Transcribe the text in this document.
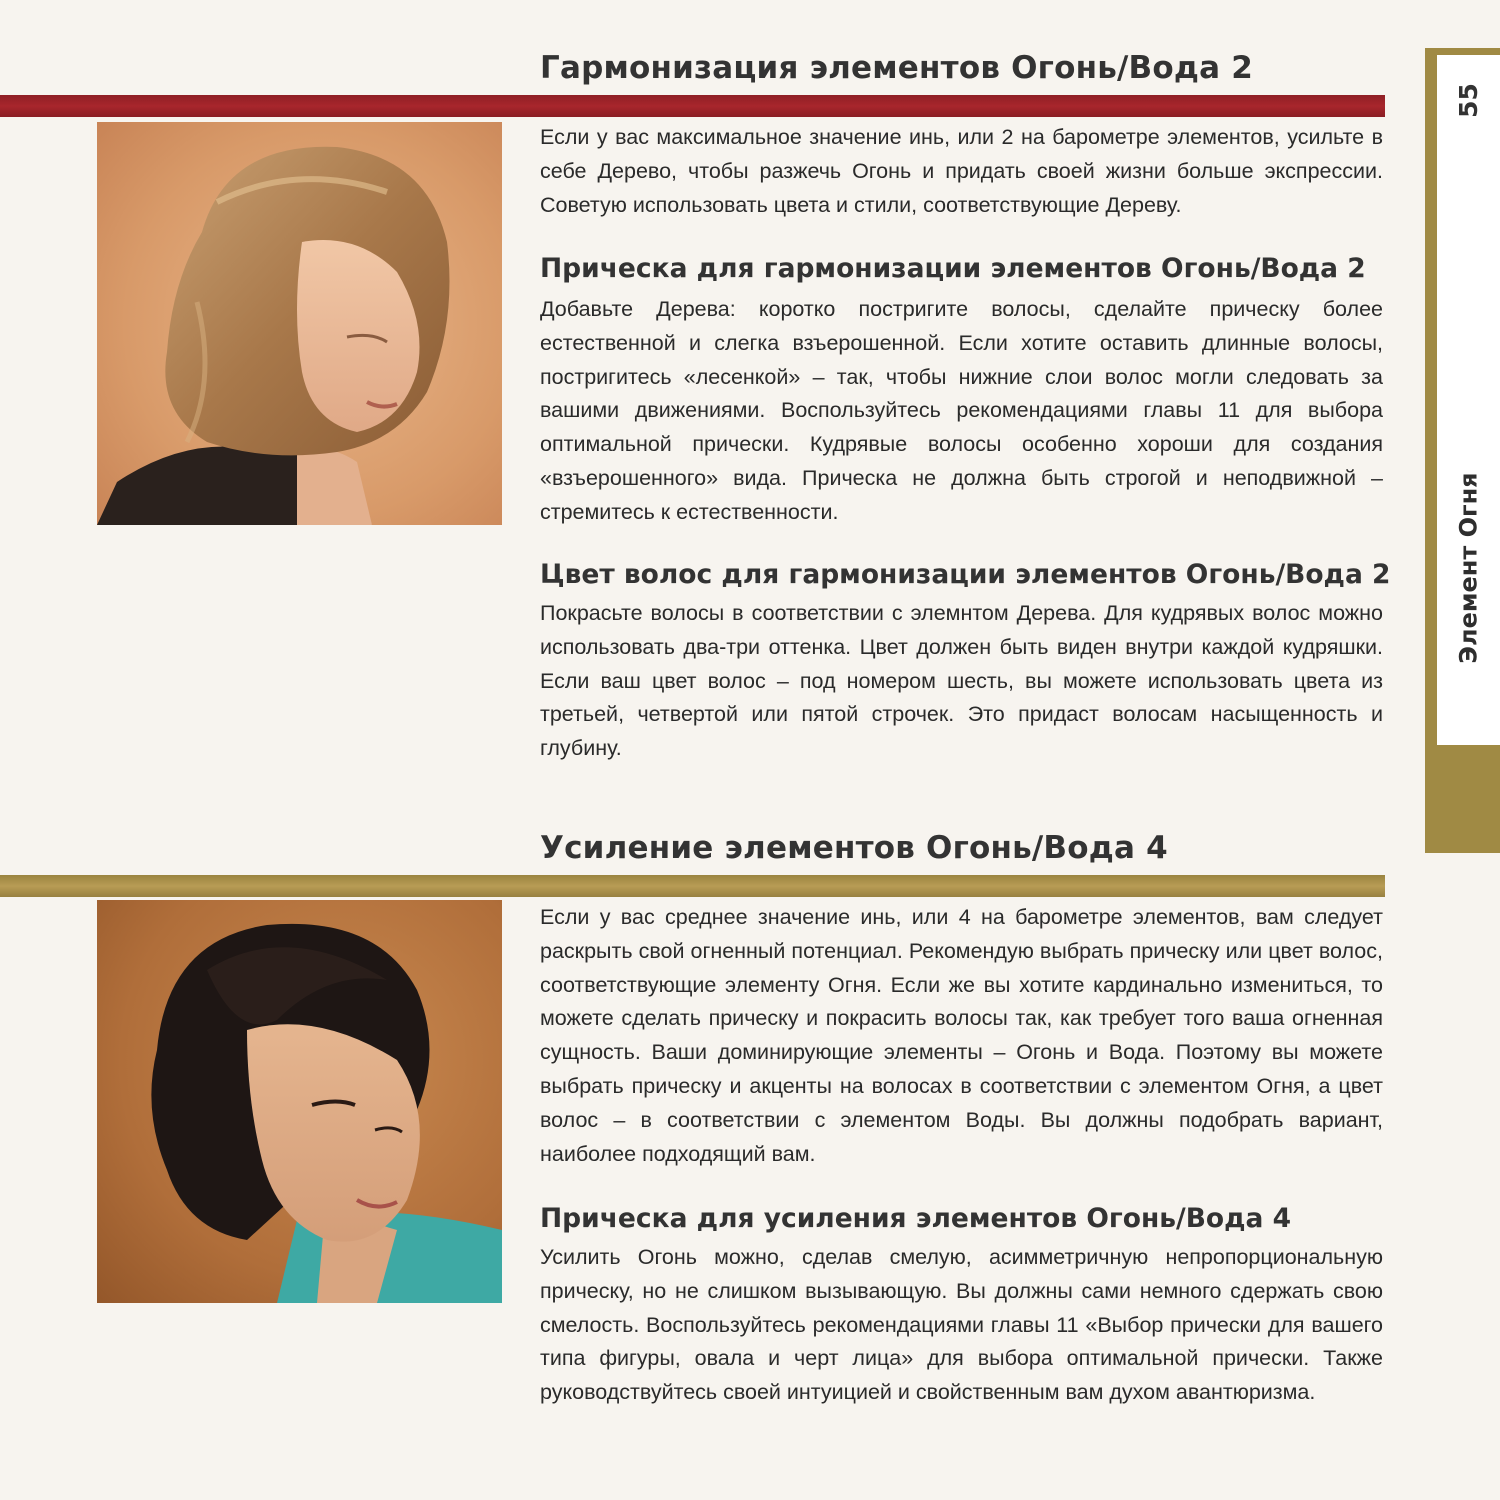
Гармонизация элементов Огонь/Вода 2

Если у вас максимальное значение инь, или 2 на барометре элементов, усильте в себе Дерево, чтобы разжечь Огонь и придать своей жизни больше экспрессии. Советую использовать цвета и стили, соответствующие Дереву.

Прическа для гармонизации элементов Огонь/Вода 2

Добавьте Дерева: коротко постригите волосы, сделайте прическу более естественной и слегка взъерошенной. Если хотите оставить длинные волосы, постригитесь «лесенкой» – так, чтобы нижние слои волос могли следовать за вашими движениями. Воспользуйтесь рекомендациями главы 11 для выбора оптимальной прически. Кудрявые волосы особенно хороши для создания «взъерошенного» вида. Прическа не должна быть строгой и неподвижной – стремитесь к естественности.

Цвет волос для гармонизации элементов Огонь/Вода 2

Покрасьте волосы в соответствии с элемнтом Дерева. Для кудрявых волос можно использовать два-три оттенка. Цвет должен быть виден внутри каждой кудряшки. Если ваш цвет волос – под номером шесть, вы можете использовать цвета из третьей, четвертой или пятой строчек. Это придаст волосам насыщенность и глубину.

Усиление элементов Огонь/Вода 4

Если у вас среднее значение инь, или 4 на барометре элементов, вам следует раскрыть свой огненный потенциал. Рекомендую выбрать прическу или цвет волос, соответствующие элементу Огня. Если же вы хотите кардинально измениться, то можете сделать прическу и покрасить волосы так, как требует того ваша огненная сущность. Ваши доминирующие элементы – Огонь и Вода. Поэтому вы можете выбрать прическу и акценты на волосах в соответствии с элементом Огня, а цвет волос – в соответствии с элементом Воды. Вы должны подобрать вариант, наиболее подходящий вам.

Прическа для усиления элементов Огонь/Вода 4

Усилить Огонь можно, сделав смелую, асимметричную непропорциональную прическу, но не слишком вызывающую. Вы должны сами немного сдержать свою смелость. Воспользуйтесь рекомендациями главы 11 «Выбор прически для вашего типа фигуры, овала и черт лица» для выбора оптимальной прически. Также руководствуйтесь своей интуицией и свойственным вам духом авантюризма.

55
Элемент Огня
